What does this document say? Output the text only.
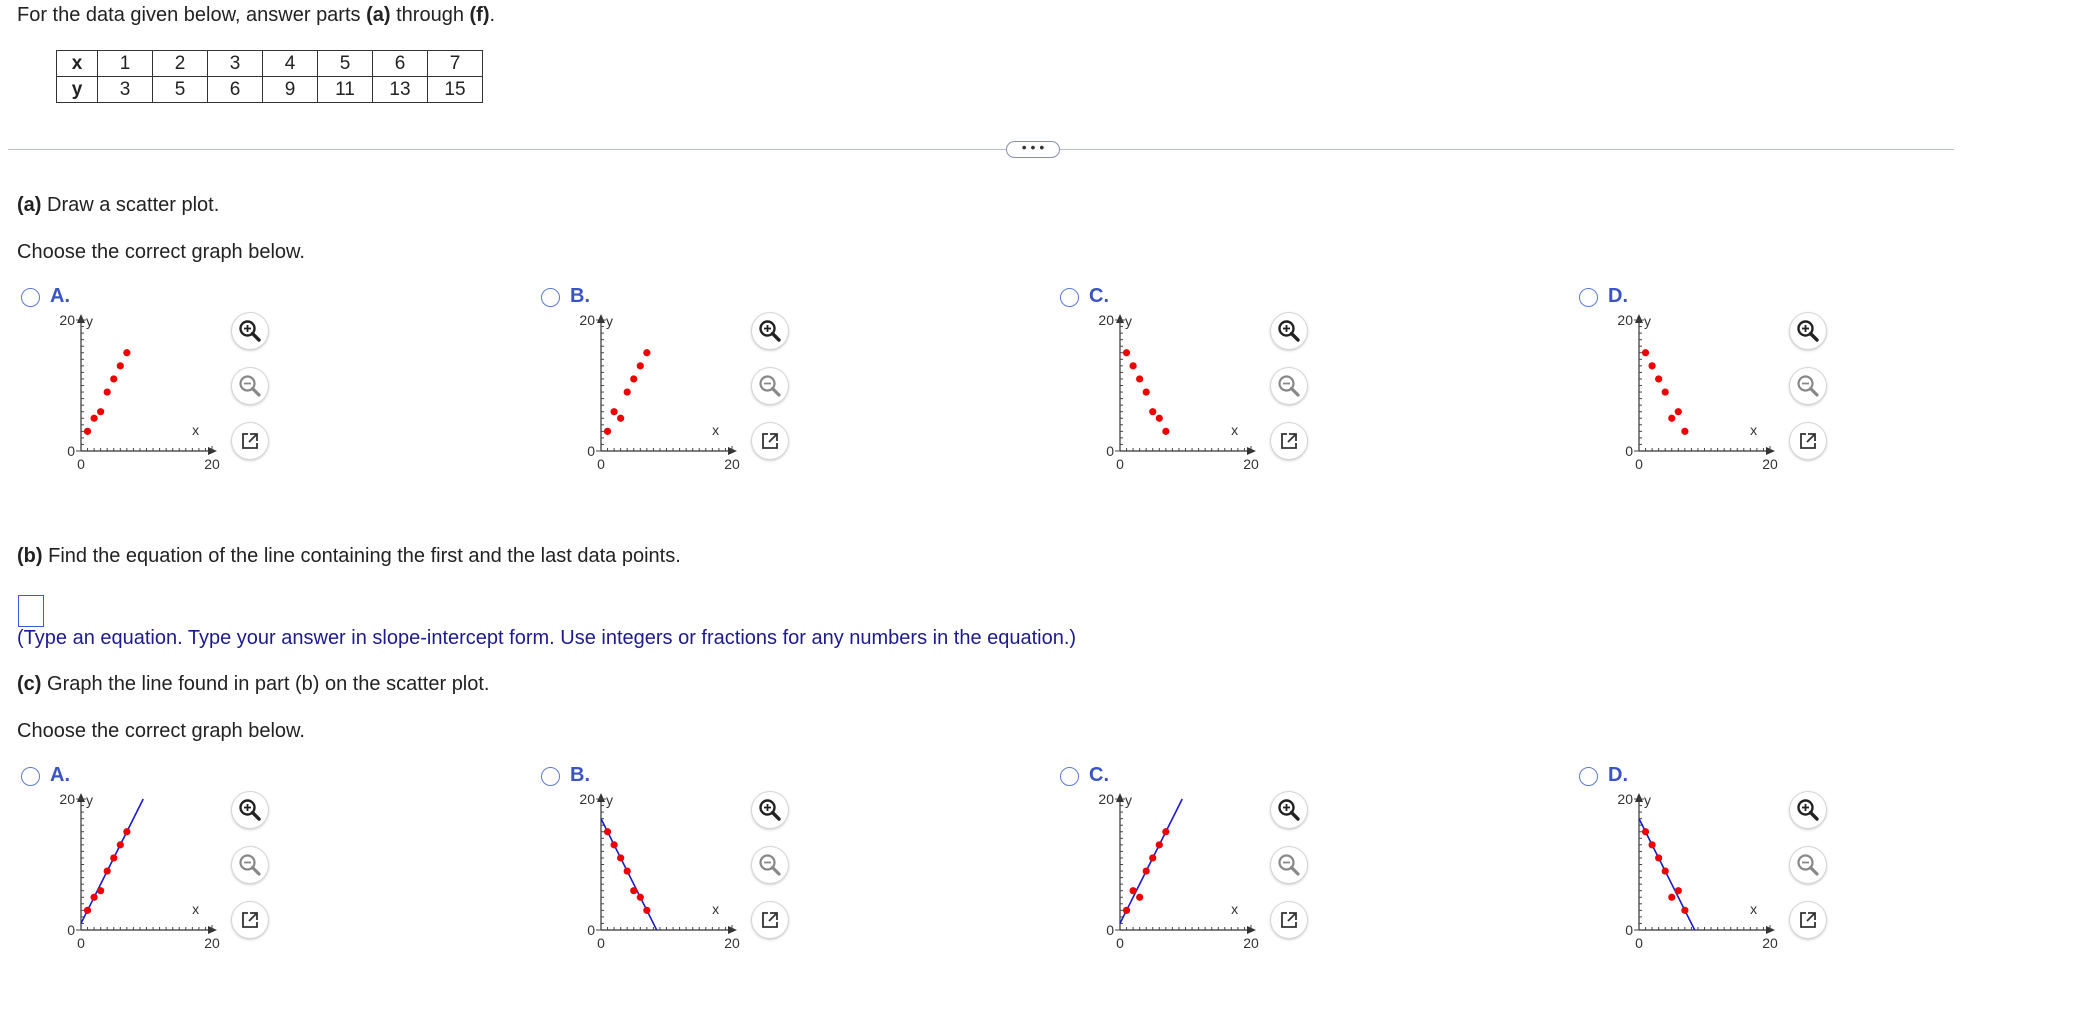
For the data given below, answer parts (a) through (f).
x	1	2	3	4	5	6	7
y	3	5	6	9	11	13	15
• • •
(a) Draw a scatter plot.
Choose the correct graph below.
(b) Find the equation of the line containing the first and the last data points.
(Type an equation. Type your answer in slope-intercept form. Use integers or fractions for any numbers in the equation.)
(c) Graph the line found in part (b) on the scatter plot.
Choose the correct graph below.
A.
y
x
20
0
0	20
B.
y
x
20
0
0	20
C.
y
x
20
0
0	20
D.
y
x
20
0
0	20
A.
y
x
20
0
0	20
B.
y
x
20
0
0	20
C.
y
x
20
0
0	20
D.
y
x
20
0
0	20
